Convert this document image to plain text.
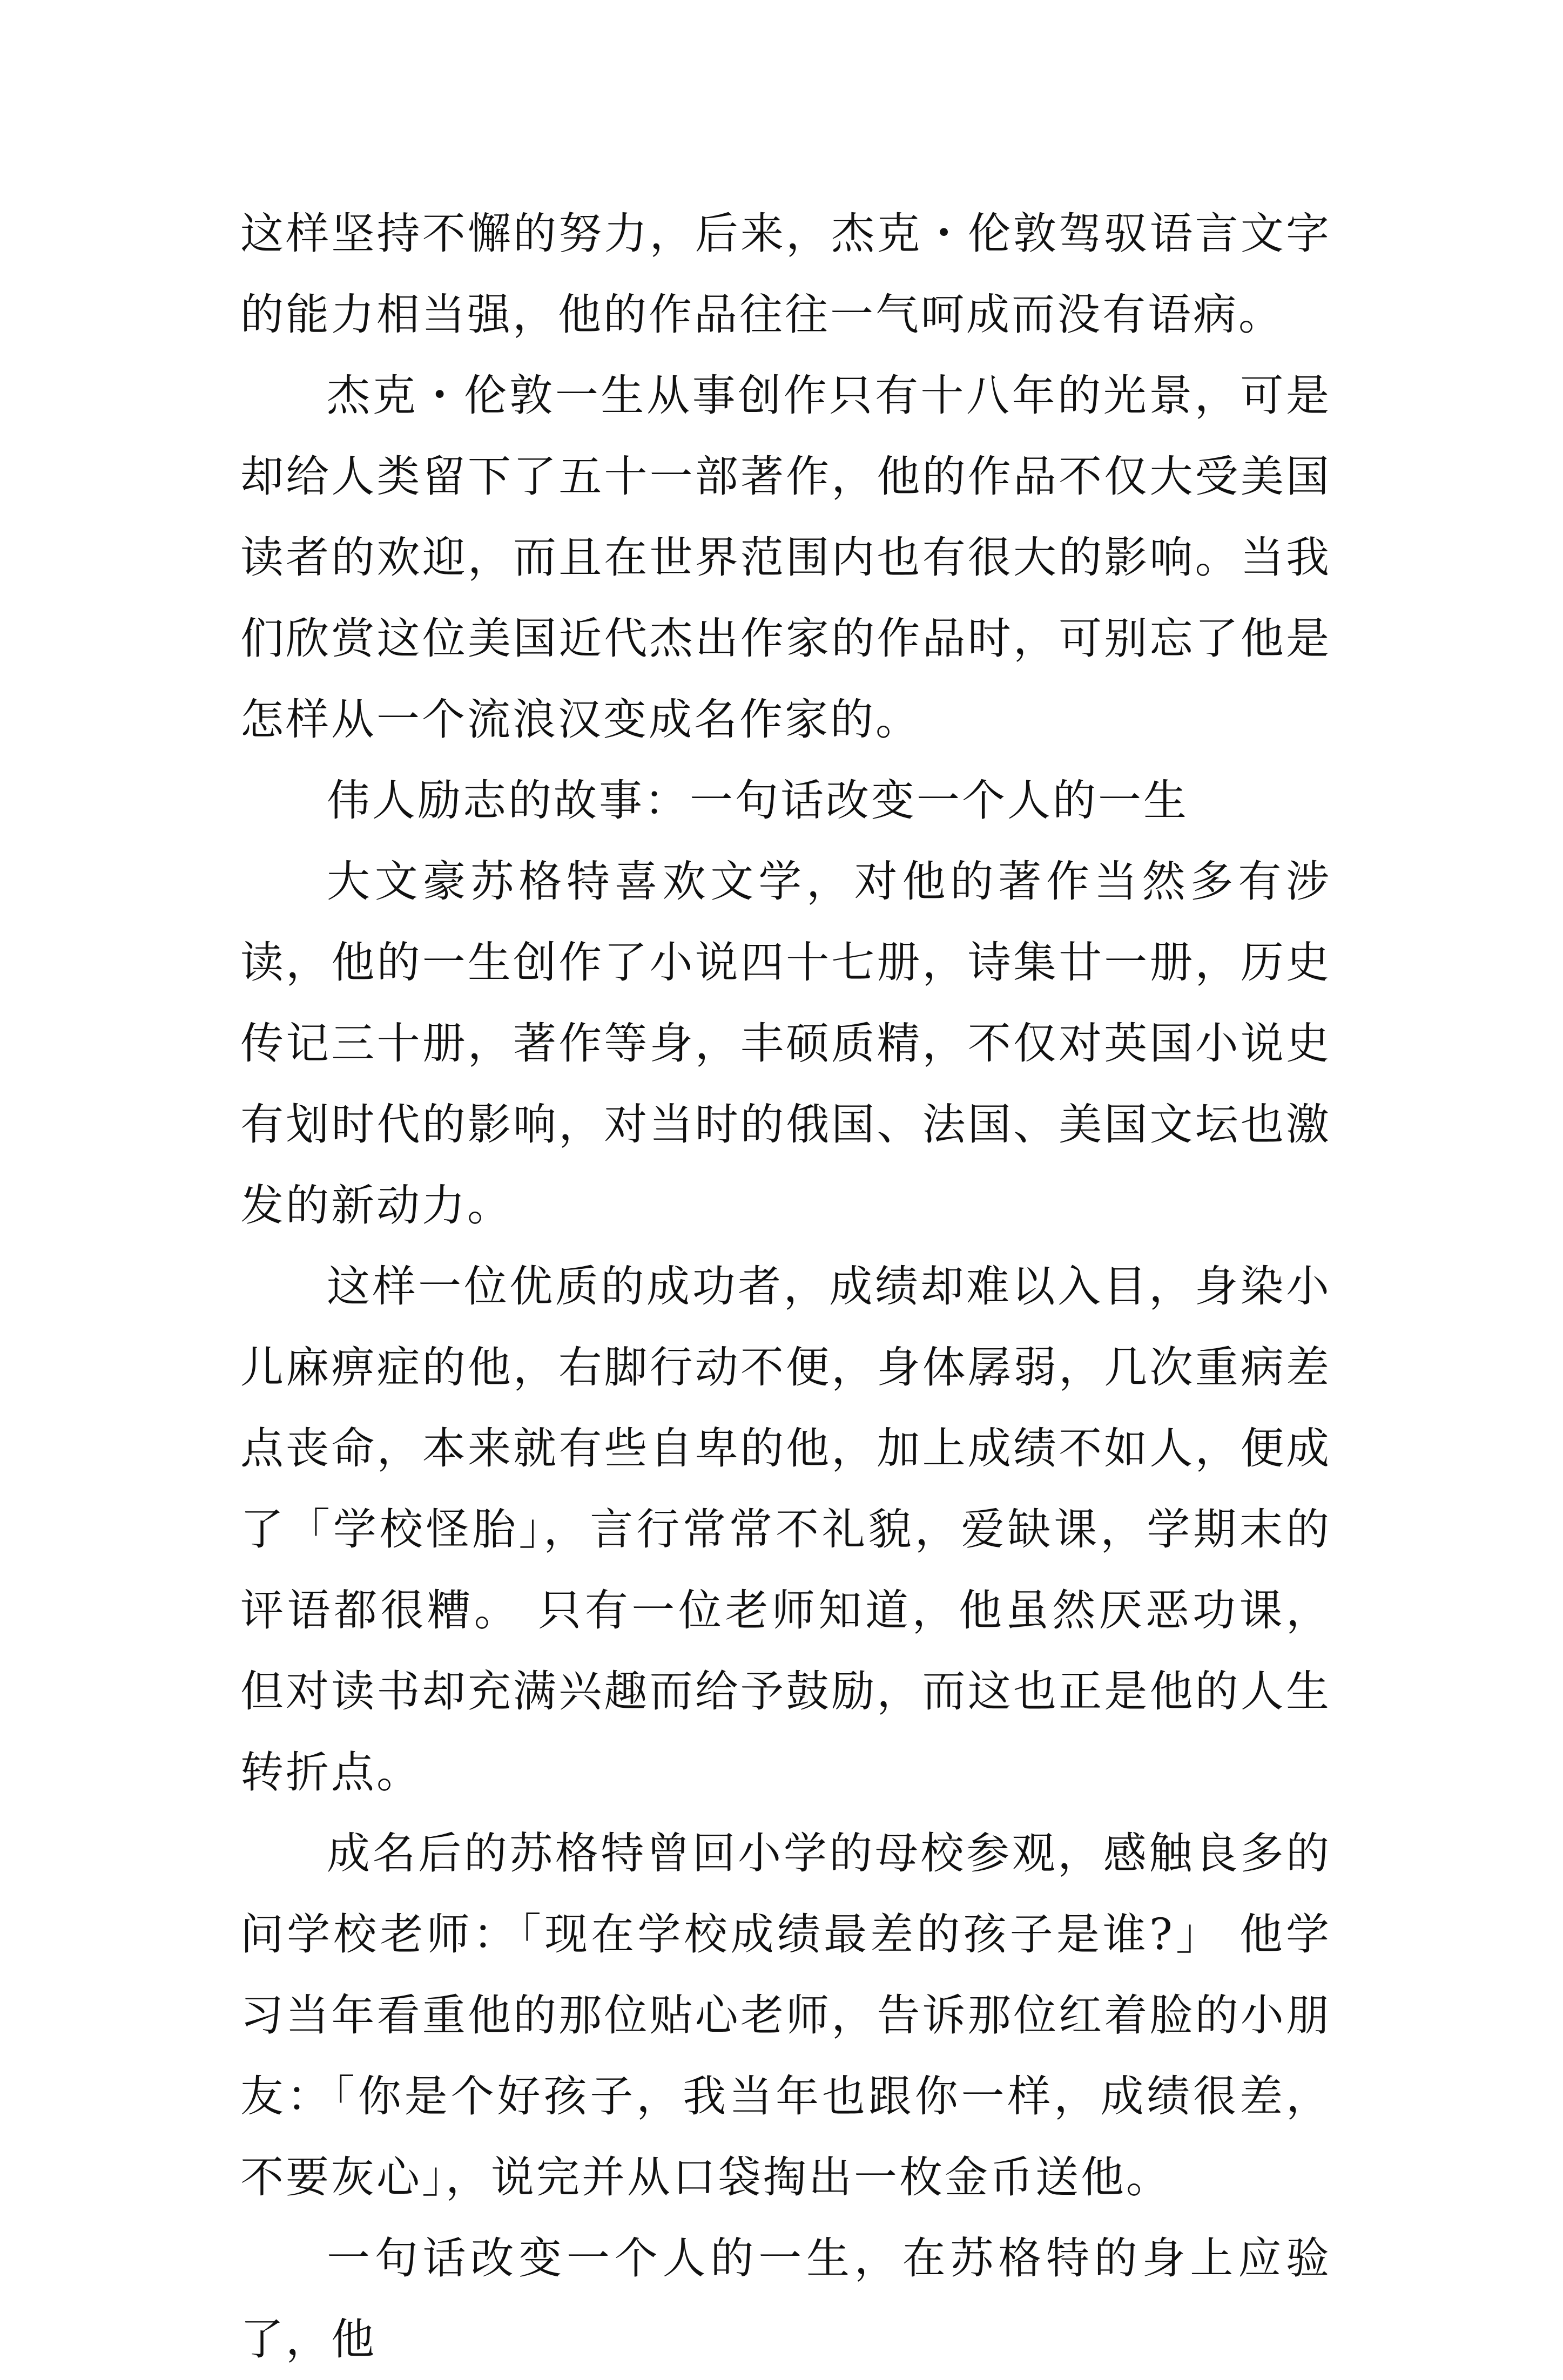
这样坚持不懈的努力，后来，杰克・伦敦驾驭语言文字的能力相当强，他的作品往往一气呵成而没有语病。

杰克・伦敦一生从事创作只有十八年的光景，可是却给人类留下了五十一部著作，他的作品不仅大受美国读者的欢迎，而且在世界范围内也有很大的影响。当我们欣赏这位美国近代杰出作家的作品时，可别忘了他是怎样从一个流浪汉变成名作家的。

伟人励志的故事：一句话改变一个人的一生

大文豪苏格特喜欢文学，对他的著作当然多有涉读，他的一生创作了小说四十七册，诗集廿一册，历史传记三十册，著作等身，丰硕质精，不仅对英国小说史有划时代的影响，对当时的俄国、法国、美国文坛也激发的新动力。

这样一位优质的成功者，成绩却难以入目，身染小儿麻痹症的他，右脚行动不便，身体孱弱，几次重病差点丧命，本来就有些自卑的他，加上成绩不如人，便成了「学校怪胎」，言行常常不礼貌，爱缺课，学期末的评语都很糟。 只有一位老师知道，他虽然厌恶功课，但对读书却充满兴趣而给予鼓励，而这也正是他的人生转折点。

成名后的苏格特曾回小学的母校参观，感触良多的问学校老师：「现在学校成绩最差的孩子是谁?」 他学习当年看重他的那位贴心老师，告诉那位红着脸的小朋友：「你是个好孩子，我当年也跟你一样，成绩很差，不要灰心」，说完并从口袋掏出一枚金币送他。

一句话改变一个人的一生，在苏格特的身上应验了，他
